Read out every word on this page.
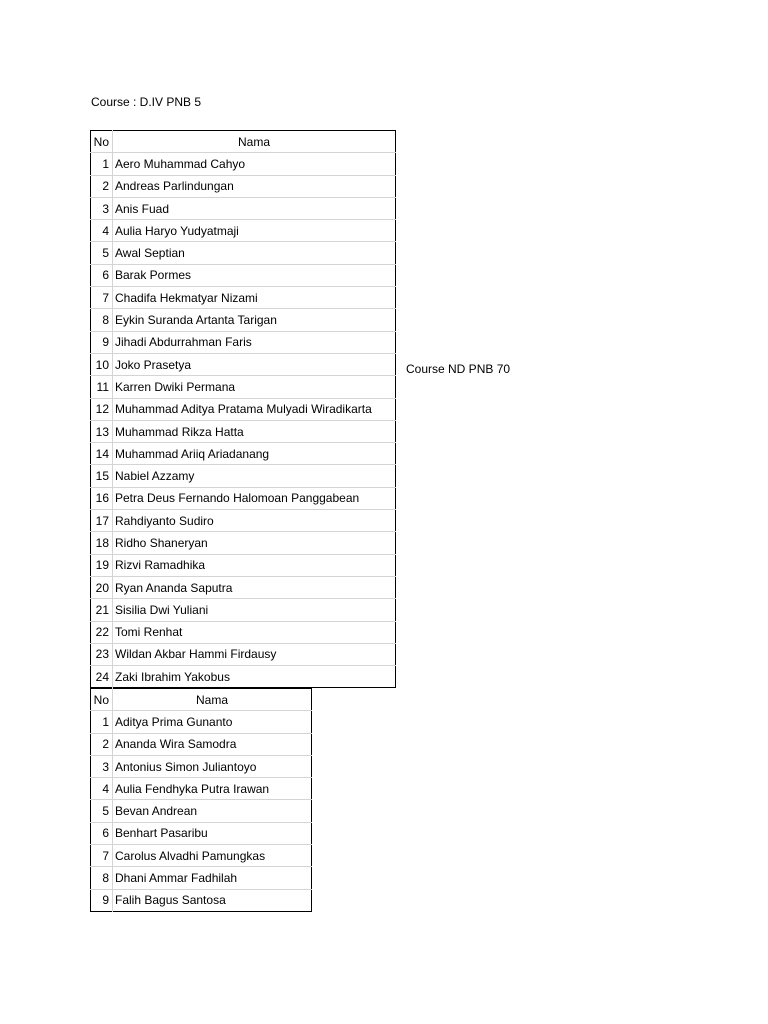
Course : D.IV PNB 5
No	Nama
1	Aero Muhammad Cahyo
2	Andreas Parlindungan
3	Anis Fuad
4	Aulia Haryo Yudyatmaji
5	Awal Septian
6	Barak Pormes
7	Chadifa Hekmatyar Nizami
8	Eykin Suranda Artanta Tarigan
9	Jihadi Abdurrahman Faris
10	Joko Prasetya
11	Karren Dwiki Permana
12	Muhammad Aditya Pratama Mulyadi Wiradikarta
13	Muhammad Rikza Hatta
14	Muhammad Ariiq Ariadanang
15	Nabiel Azzamy
16	Petra Deus Fernando Halomoan Panggabean
17	Rahdiyanto Sudiro
18	Ridho Shaneryan
19	Rizvi Ramadhika
20	Ryan Ananda Saputra
21	Sisilia Dwi Yuliani
22	Tomi Renhat
23	Wildan Akbar Hammi Firdausy
24	Zaki Ibrahim Yakobus
Course ND PNB 70
No	Nama
1	Aditya Prima Gunanto
2	Ananda Wira Samodra
3	Antonius Simon Juliantoyo
4	Aulia Fendhyka Putra Irawan
5	Bevan Andrean
6	Benhart Pasaribu
7	Carolus Alvadhi Pamungkas
8	Dhani Ammar Fadhilah
9	Falih Bagus Santosa
